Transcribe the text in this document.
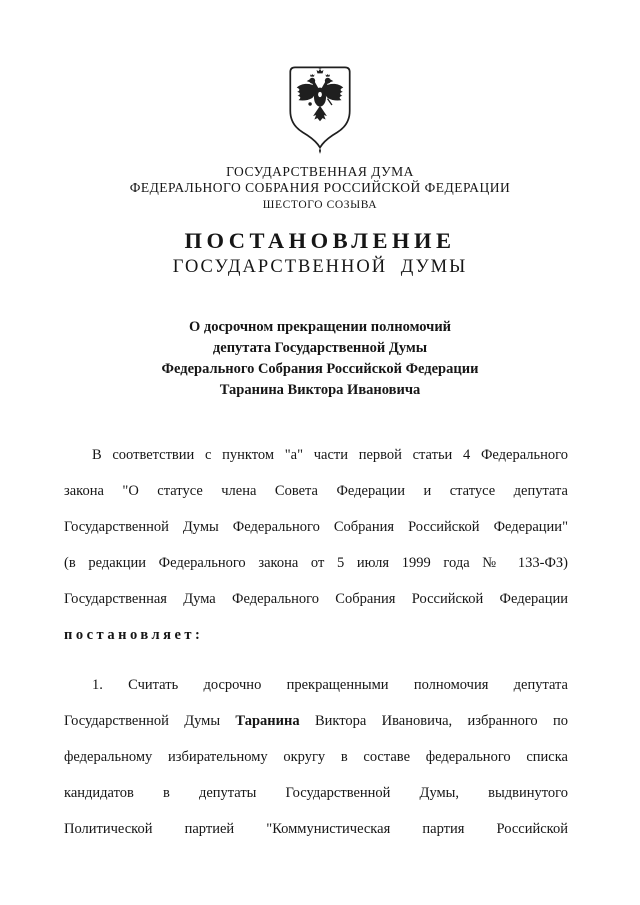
ГОСУДАРСТВЕННАЯ ДУМА
ФЕДЕРАЛЬНОГО СОБРАНИЯ РОССИЙСКОЙ ФЕДЕРАЦИИ
ШЕСТОГО СОЗЫВА
ПОСТАНОВЛЕНИЕ
ГОСУДАРСТВЕННОЙ ДУМЫ
О досрочном прекращении полномочий
депутата Государственной Думы
Федерального Собрания Российской Федерации
Таранина Виктора Ивановича
В соответствии с пунктом "а" части первой статьи 4 Федерального
закона "О статусе члена Совета Федерации и статусе депутата
Государственной Думы Федерального Собрания Российской Федерации"
(в редакции Федерального закона от 5 июля 1999 года № 133-ФЗ)
Государственная Дума Федерального Собрания Российской Федерации
постановляет:
1. Считать досрочно прекращенными полномочия депутата
Государственной Думы Таранина Виктора Ивановича, избранного по
федеральному избирательному округу в составе федерального списка
кандидатов в депутаты Государственной Думы, выдвинутого
Политической партией "Коммунистическая партия Российской
